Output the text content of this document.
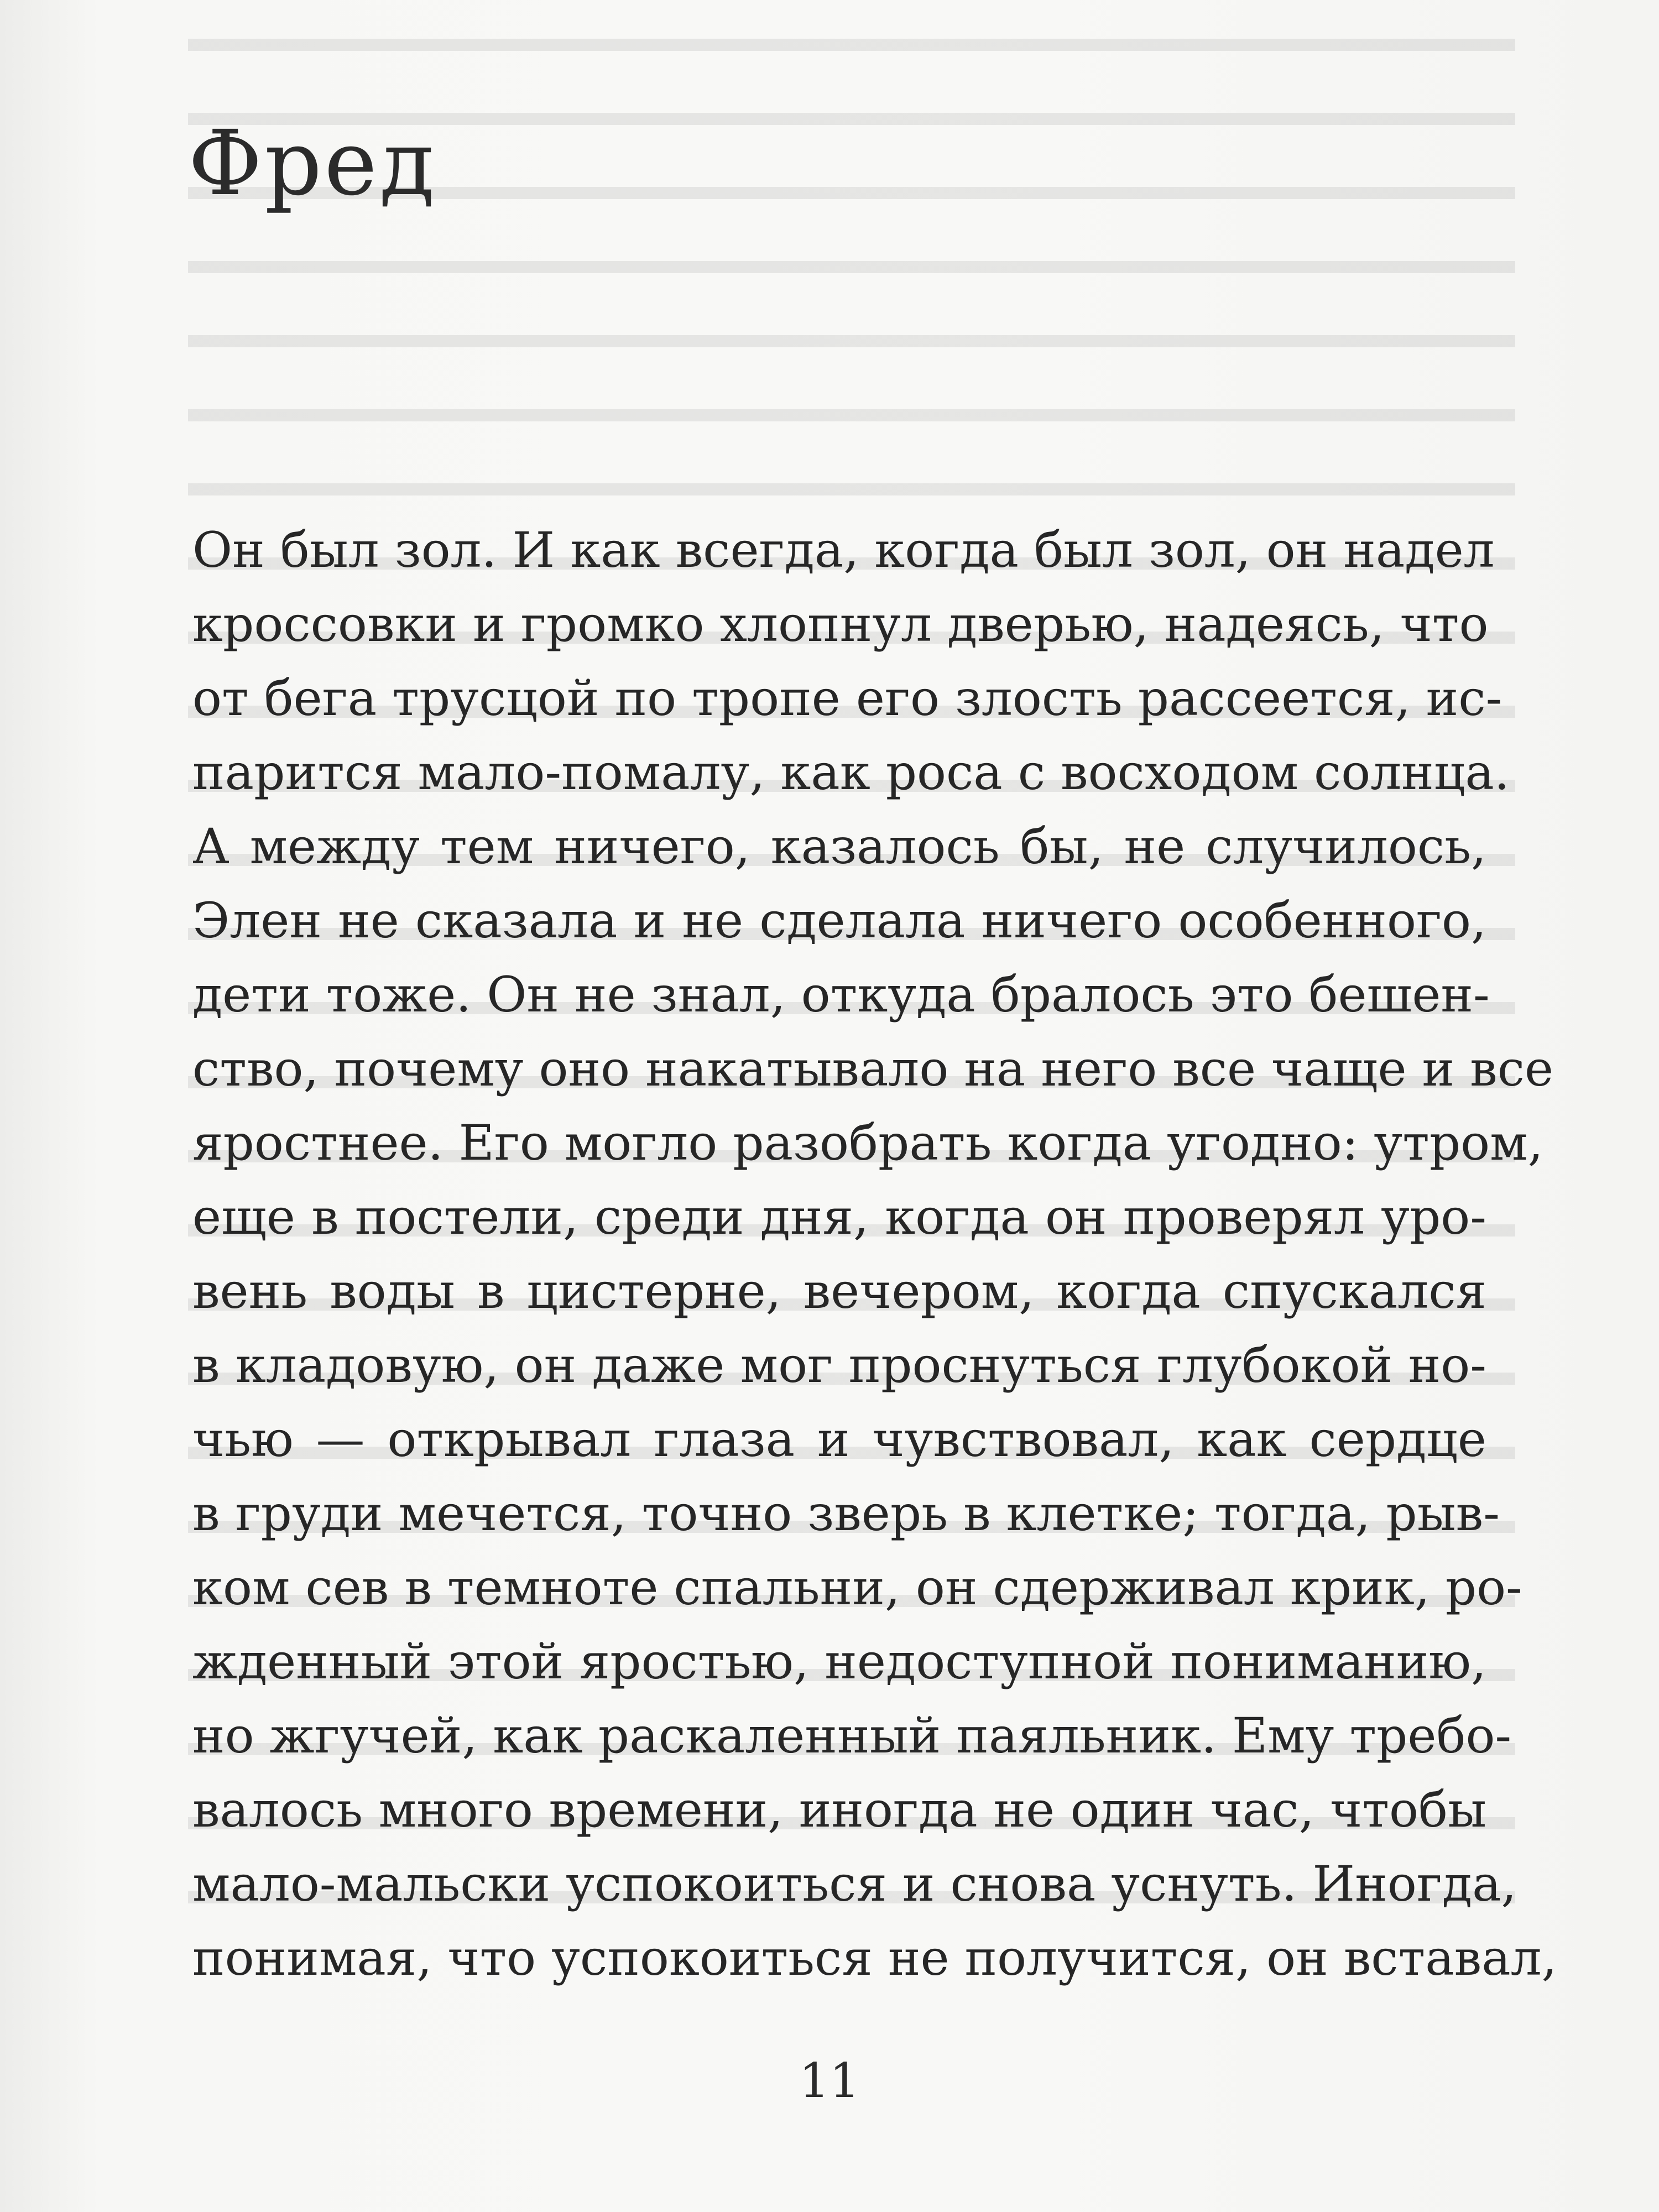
Фред
Он был зол. И как всегда, когда был зол, он надел
кроссовки и громко хлопнул дверью, надеясь, что
от бега трусцой по тропе его злость рассеется, ис-
парится мало-помалу, как роса с восходом солнца.
А между тем ничего, казалось бы, не случилось,
Элен не сказала и не сделала ничего особенного,
дети тоже. Он не знал, откуда бралось это бешен-
ство, почему оно накатывало на него все чаще и все
яростнее. Его могло разобрать когда угодно: утром,
еще в постели, среди дня, когда он проверял уро-
вень воды в цистерне, вечером, когда спускался
в кладовую, он даже мог проснуться глубокой но-
чью — открывал глаза и чувствовал, как сердце
в груди мечется, точно зверь в клетке; тогда, рыв-
ком сев в темноте спальни, он сдерживал крик, ро-
жденный этой яростью, недоступной пониманию,
но жгучей, как раскаленный паяльник. Ему требо-
валось много времени, иногда не один час, чтобы
мало-мальски успокоиться и снова уснуть. Иногда,
понимая, что успокоиться не получится, он вставал,

11
